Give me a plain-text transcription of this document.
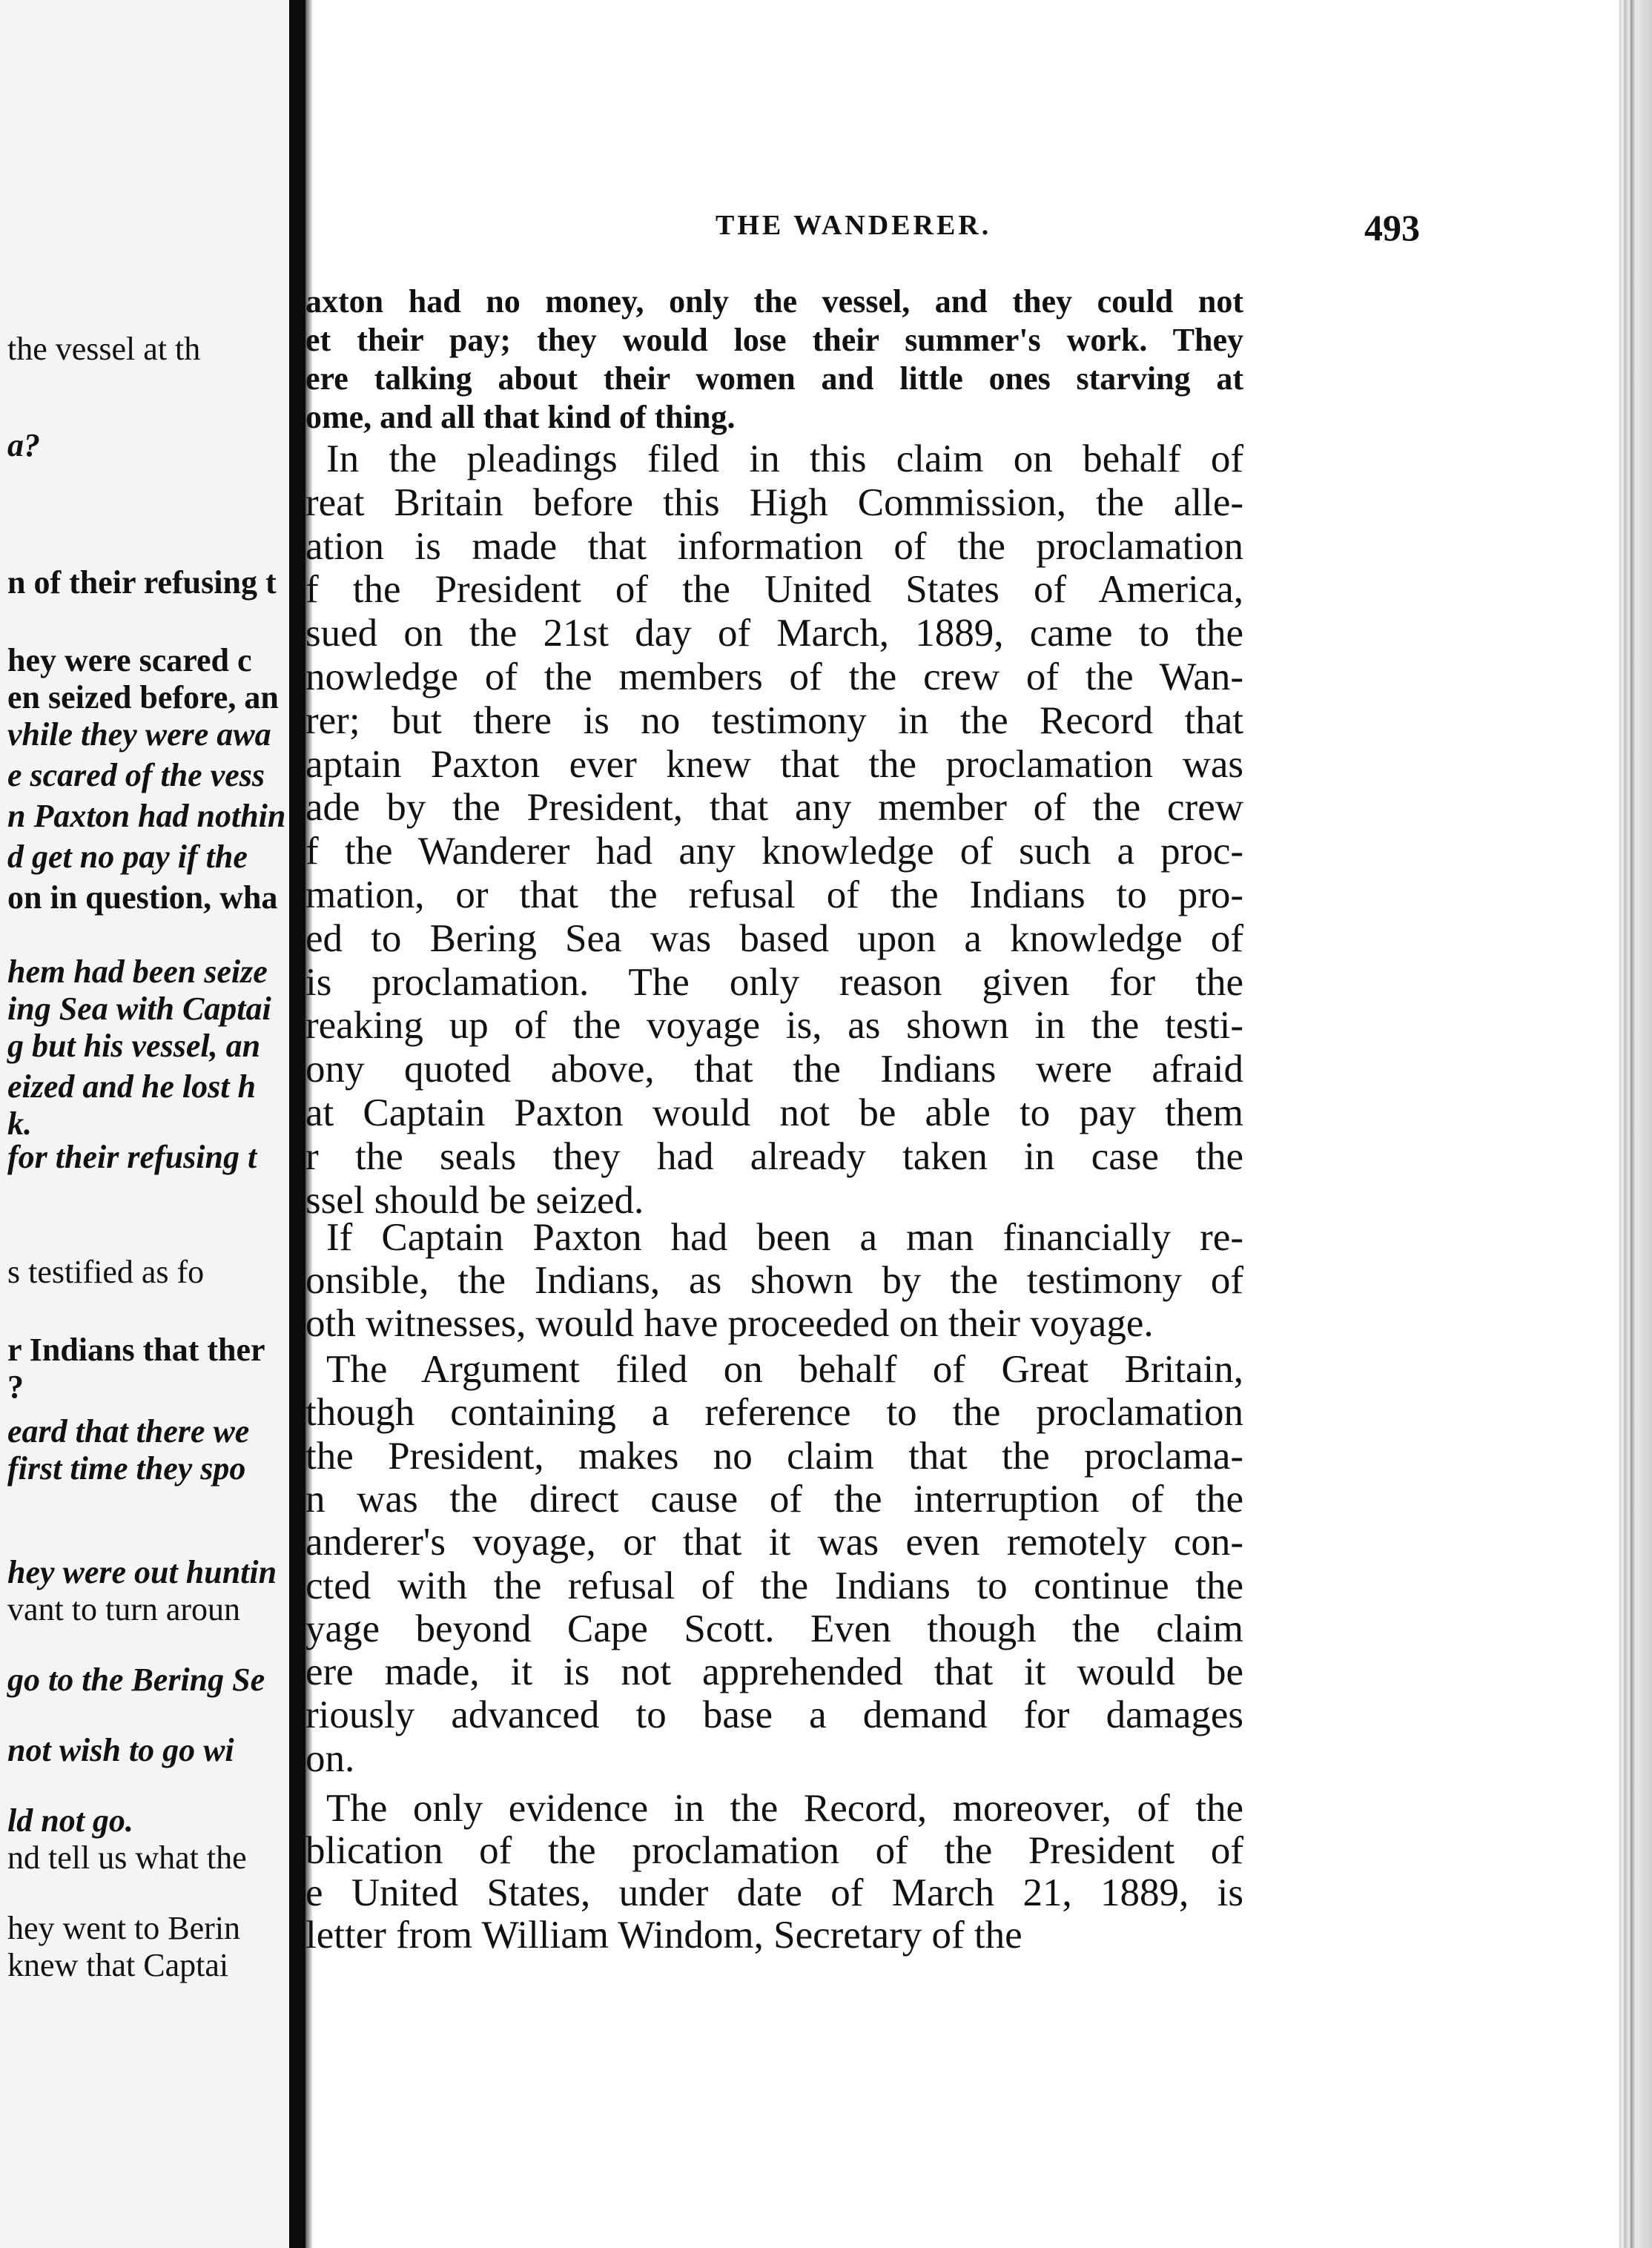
the vessel at th
a?
n of their refusing t
hey were scared c
en seized before, an
vhile they were awa
e scared of the vess
n Paxton had nothin
d get no pay if the
on in question, wha
hem had been seize
ing Sea with Captai
g but his vessel, an
eized and he lost h
k.
for their refusing t
s testified as fo
r Indians that ther
?
eard that there we
first time they spo
hey were out huntin
vant to turn aroun
go to the Bering Se
not wish to go wi
ld not go.
nd tell us what the
hey went to Berin
knew that Captai
THE WANDERER.	493
axton had no money, only the vessel, and they could not
et their pay; they would lose their summer's work. They
ere talking about their women and little ones starving at
ome, and all that kind of thing.
In the pleadings filed in this claim on behalf of
reat Britain before this High Commission, the alle-
ation is made that information of the proclamation
f the President of the United States of America,
sued on the 21st day of March, 1889, came to the
nowledge of the members of the crew of the Wan-
rer; but there is no testimony in the Record that
aptain Paxton ever knew that the proclamation was
ade by the President, that any member of the crew
f the Wanderer had any knowledge of such a proc-
mation, or that the refusal of the Indians to pro-
ed to Bering Sea was based upon a knowledge of
is proclamation. The only reason given for the
reaking up of the voyage is, as shown in the testi-
ony quoted above, that the Indians were afraid
at Captain Paxton would not be able to pay them
r the seals they had already taken in case the
ssel should be seized.
If Captain Paxton had been a man financially re-
onsible, the Indians, as shown by the testimony of
oth witnesses, would have proceeded on their voyage.
The Argument filed on behalf of Great Britain,
though containing a reference to the proclamation
the President, makes no claim that the proclama-
n was the direct cause of the interruption of the
anderer's voyage, or that it was even remotely con-
cted with the refusal of the Indians to continue the
yage beyond Cape Scott. Even though the claim
ere made, it is not apprehended that it would be
riously advanced to base a demand for damages
on.
The only evidence in the Record, moreover, of the
blication of the proclamation of the President of
e United States, under date of March 21, 1889, is
letter from William Windom, Secretary of the
